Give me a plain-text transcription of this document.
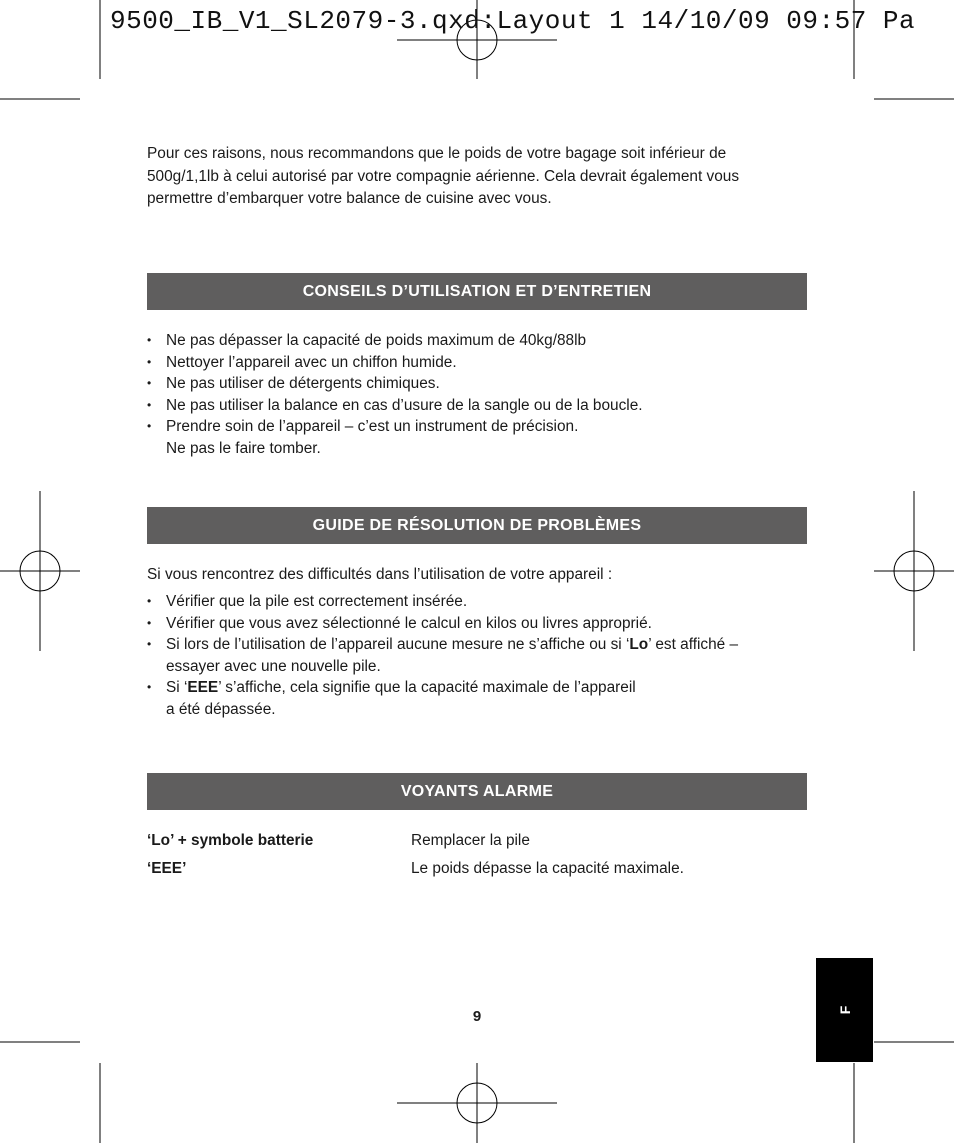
9500_IB_V1_SL2079-3.qxd:Layout 1 14/10/09 09:57 Pa

Pour ces raisons, nous recommandons que le poids de votre bagage soit inférieur de
500g/1,1lb à celui autorisé par votre compagnie aérienne. Cela devrait également vous
permettre d’embarquer votre balance de cuisine avec vous.

CONSEILS D’UTILISATION ET D’ENTRETIEN
• Ne pas dépasser la capacité de poids maximum de 40kg/88lb
• Nettoyer l’appareil avec un chiffon humide.
• Ne pas utiliser de détergents chimiques.
• Ne pas utiliser la balance en cas d’usure de la sangle ou de la boucle.
• Prendre soin de l’appareil – c’est un instrument de précision.
Ne pas le faire tomber.
GUIDE DE RÉSOLUTION DE PROBLÈMES

Si vous rencontrez des difficultés dans l’utilisation de votre appareil :

• Vérifier que la pile est correctement insérée.
• Vérifier que vous avez sélectionné le calcul en kilos ou livres approprié.
• Si lors de l’utilisation de l’appareil aucune mesure ne s’affiche ou si ‘Lo’ est affiché –
essayer avec une nouvelle pile.
• Si ‘EEE’ s’affiche, cela signifie que la capacité maximale de l’appareil
a été dépassée.
VOYANTS ALARME
‘Lo’ + symbole batterie	Remplacer la pile
‘EEE’	Le poids dépasse la capacité maximale.
9	F
